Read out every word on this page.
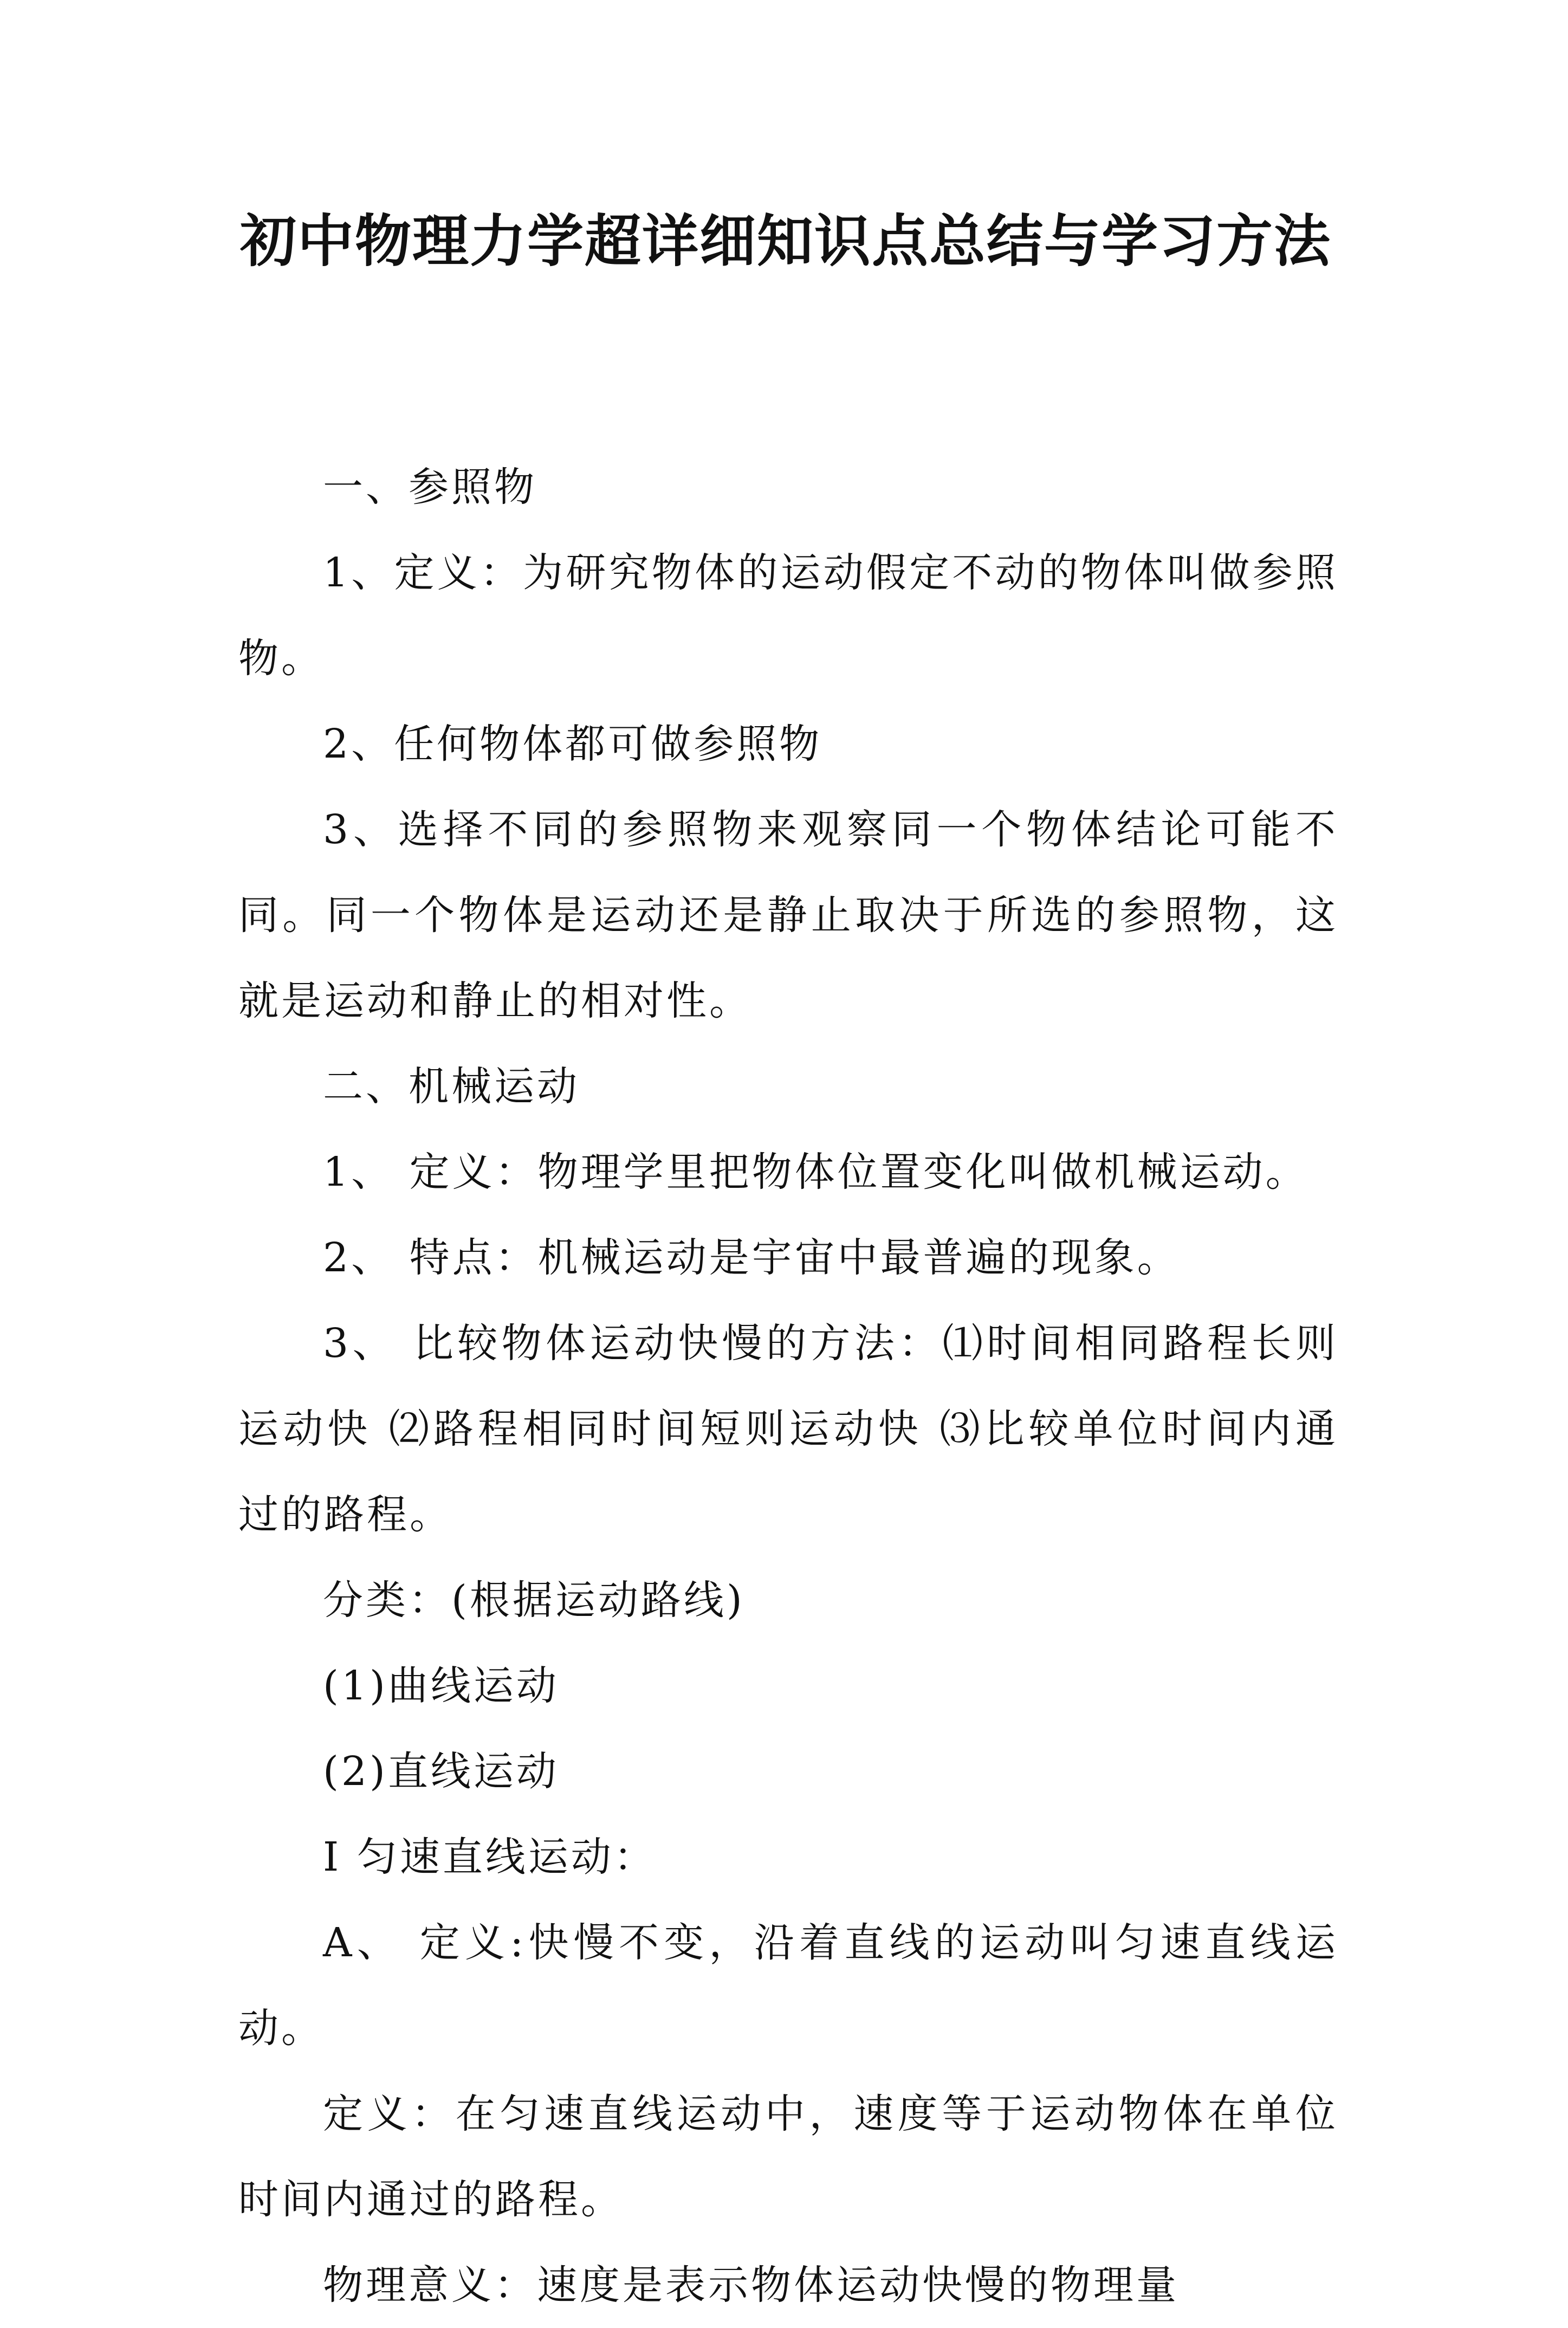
初中物理力学超详细知识点总结与学习方法

一、参照物

1、定义：为研究物体的运动假定不动的物体叫做参照物。

2、任何物体都可做参照物

3、选择不同的参照物来观察同一个物体结论可能不同。同一个物体是运动还是静止取决于所选的参照物，这就是运动和静止的相对性。

二、机械运动

1、 定义：物理学里把物体位置变化叫做机械运动。

2、 特点：机械运动是宇宙中最普遍的现象。

3、 比较物体运动快慢的方法：⑴时间相同路程长则运动快 ⑵路程相同时间短则运动快 ⑶比较单位时间内通过的路程。

分类：(根据运动路线)

(1)曲线运动

(2)直线运动

Ⅰ 匀速直线运动：

A、 定义:快慢不变，沿着直线的运动叫匀速直线运动。

定义：在匀速直线运动中，速度等于运动物体在单位时间内通过的路程。

物理意义：速度是表示物体运动快慢的物理量
